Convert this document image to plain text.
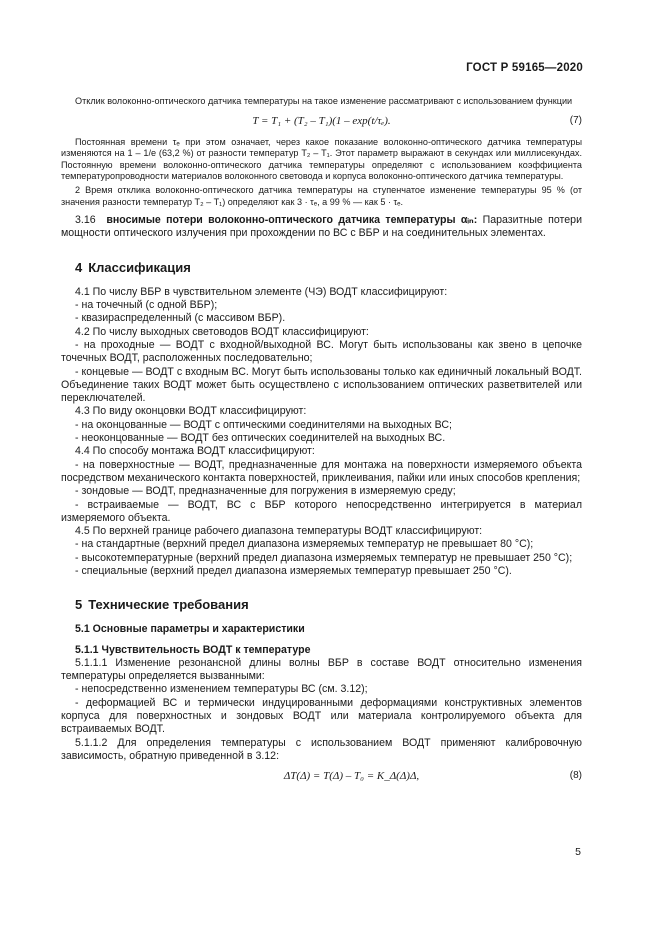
ГОСТ Р 59165—2020

Отклик волоконно-оптического датчика температуры на такое изменение рассматривают с использованием функции

T = T₁ + (T₂ – T₁)(1 – exp(t/τₑ).	(7)

Постоянная времени τₑ при этом означает, через какое показание волоконно-оптического датчика температуры изменяются на 1 – 1/e (63,2 %) от разности температур T₂ – T₁. Этот параметр выражают в секундах или миллисекундах. Постоянную времени волоконно-оптического датчика температуры определяют с использованием коэффициента температуропроводности материалов волоконного световода и корпуса волоконно-оптического датчика температуры.

2 Время отклика волоконно-оптического датчика температуры на ступенчатое изменение температуры 95 % (от значения разности температур T₂ – T₁) определяют как 3 · τₑ, а 99 % — как 5 · τₑ.

3.16 вносимые потери волоконно-оптического датчика температуры αᵢₙ: Паразитные потери мощности оптического излучения при прохождении по ВС с ВБР и на соединительных элементах.

4 Классификация

4.1 По числу ВБР в чувствительном элементе (ЧЭ) ВОДТ классифицируют:

- на точечный (с одной ВБР);

- квазираспределенный (с массивом ВБР).

4.2 По числу выходных световодов ВОДТ классифицируют:

- на проходные — ВОДТ с входной/выходной ВС. Могут быть использованы как звено в цепочке точечных ВОДТ, расположенных последовательно;

- концевые — ВОДТ с входным ВС. Могут быть использованы только как единичный локальный ВОДТ. Объединение таких ВОДТ может быть осуществлено с использованием оптических разветвителей или переключателей.

4.3 По виду оконцовки ВОДТ классифицируют:

- на оконцованные — ВОДТ с оптическими соединителями на выходных ВС;

- неоконцованные — ВОДТ без оптических соединителей на выходных ВС.

4.4 По способу монтажа ВОДТ классифицируют:

- на поверхностные — ВОДТ, предназначенные для монтажа на поверхности измеряемого объекта посредством механического контакта поверхностей, приклеивания, пайки или иных способов крепления;

- зондовые — ВОДТ, предназначенные для погружения в измеряемую среду;

- встраиваемые — ВОДТ, ВС с ВБР которого непосредственно интегрируется в материал измеряемого объекта.

4.5 По верхней границе рабочего диапазона температуры ВОДТ классифицируют:

- на стандартные (верхний предел диапазона измеряемых температур не превышает 80 °C);

- высокотемпературные (верхний предел диапазона измеряемых температур не превышает 250 °C);

- специальные (верхний предел диапазона измеряемых температур превышает 250 °C).

5 Технические требования
5.1 Основные параметры и характеристики
5.1.1 Чувствительность ВОДТ к температуре

5.1.1.1 Изменение резонансной длины волны ВБР в составе ВОДТ относительно изменения температуры определяется вызванными:

- непосредственно изменением температуры ВС (см. 3.12);

- деформацией ВС и термически индуцированными деформациями конструктивных элементов корпуса для поверхностных и зондовых ВОДТ или материала контролируемого объекта для встраиваемых ВОДТ.

5.1.1.2 Для определения температуры с использованием ВОДТ применяют калибровочную зависимость, обратную приведенной в 3.12:

ΔT(Δ) = T(Δ) – T₀ = K_Δ(Δ)Δ,	(8)
5
